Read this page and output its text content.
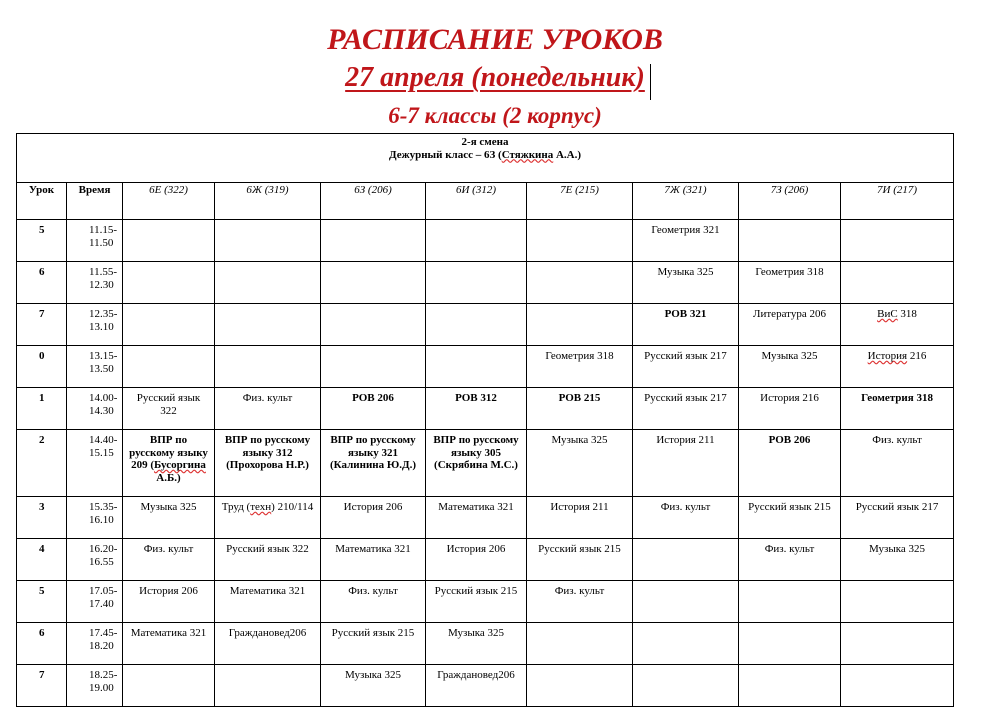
РАСПИСАНИЕ УРОКОВ
27 апреля (понедельник)
6-7 классы (2 корпус)
2-я смена
Дежурный класс – 6З (Стяжкина А.А.)									

Урок	Время	6Е (322)	6Ж (319)	6З (206)	6И (312)	7Е (215)	7Ж (321)	7З (206)	7И (217)
5	11.15-
11.50						Геометрия 321		
6	11.55-
12.30						Музыка 325	Геометрия 318	
7	12.35-
13.10						РОВ 321	Литература 206	ВиС 318
0	13.15-
13.50					Геометрия 318	Русский язык 217	Музыка 325	История 216
1	14.00-
14.30	Русский язык
322	Физ. культ	РОВ 206	РОВ 312	РОВ 215	Русский язык 217	История 216	Геометрия 318
2	14.40-
15.15	ВПР по
русскому языку
209 (Бусоргина
А.Б.)	ВПР по русскому
языку 312
(Прохорова Н.Р.)	ВПР по русскому
языку 321
(Калинина Ю.Д.)	ВПР по русскому
языку 305
(Скрябина М.С.)	Музыка 325	История 211	РОВ 206	Физ. культ
3	15.35-
16.10	Музыка 325	Труд (техн) 210/114	История 206	Математика 321	История 211	Физ. культ	Русский язык 215	Русский язык 217
4	16.20-
16.55	Физ. культ	Русский язык 322	Математика 321	История 206	Русский язык 215		Физ. культ	Музыка 325
5	17.05-
17.40	История 206	Математика 321	Физ. культ	Русский язык 215	Физ. культ			
6	17.45-
18.20	Математика 321	Граждановед206	Русский язык 215	Музыка 325				
7	18.25-
19.00			Музыка 325	Граждановед206				
